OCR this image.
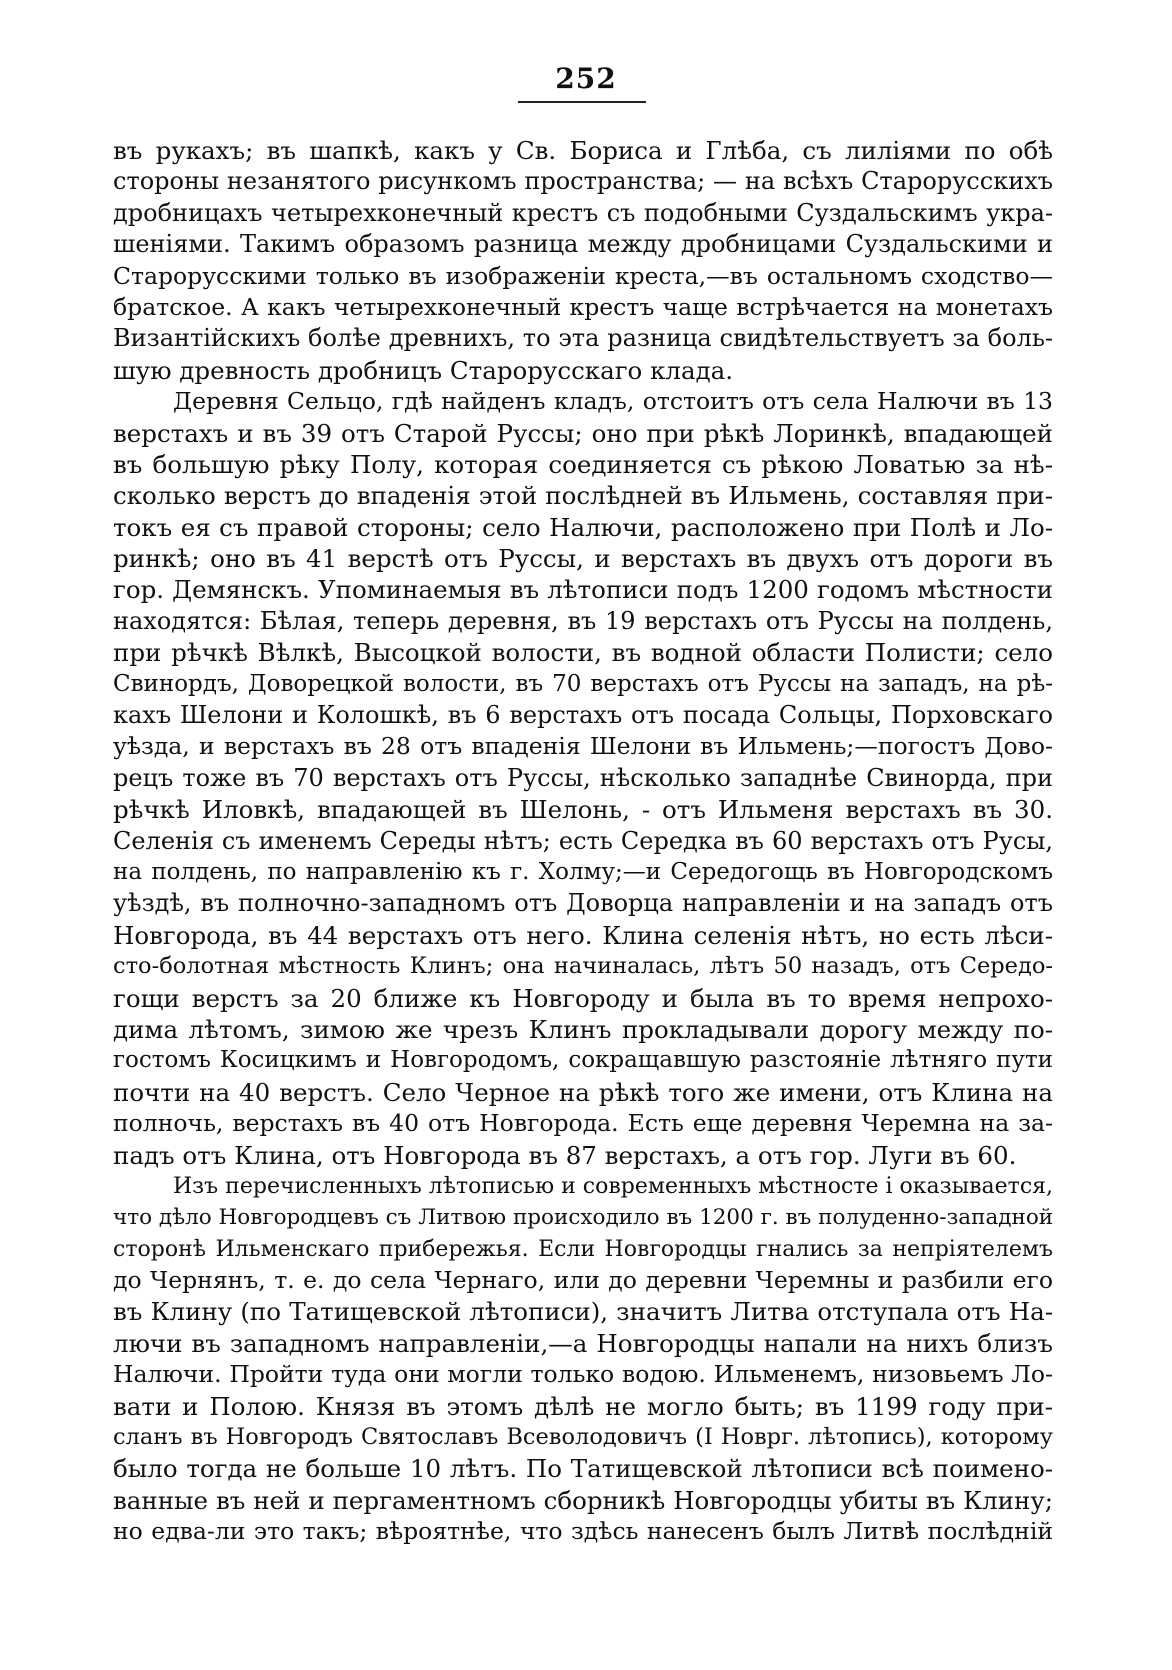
252
въ рукахъ; въ шапкѣ, какъ у Св. Бориса и Глѣба, съ лиліями по обѣ
стороны незанятого рисункомъ пространства; — на всѣхъ Старорусскихъ
дробницахъ четырехконечный крестъ съ подобными Суздальскимъ укра-
шеніями. Такимъ образомъ разница между дробницами Суздальскими и
Старорусскими только въ изображеніи креста,—въ остальномъ сходство—
братское. А какъ четырехконечный крестъ чаще встрѣчается на монетахъ
Византійскихъ болѣе древнихъ, то эта разница свидѣтельствуетъ за боль-
шую древность дробницъ Старорусскаго клада.
Деревня Сельцо, гдѣ найденъ кладъ, отстоитъ отъ села Налючи въ 13
верстахъ и въ 39 отъ Старой Руссы; оно при рѣкѣ Лоринкѣ, впадающей
въ большую рѣку Полу, которая соединяется съ рѣкою Ловатью за нѣ-
сколько верстъ до впаденія этой послѣдней въ Ильмень, составляя при-
токъ ея съ правой стороны; село Налючи, расположено при Полѣ и Ло-
ринкѣ; оно въ 41 верстѣ отъ Руссы, и верстахъ въ двухъ отъ дороги въ
гор. Демянскъ. Упоминаемыя въ лѣтописи подъ 1200 годомъ мѣстности
находятся: Бѣлая, теперь деревня, въ 19 верстахъ отъ Руссы на полдень,
при рѣчкѣ Вѣлкѣ, Высоцкой волости, въ водной области Полисти; село
Свинордъ, Доворецкой волости, въ 70 верстахъ отъ Руссы на западъ, на рѣ-
кахъ Шелони и Колошкѣ, въ 6 верстахъ отъ посада Сольцы, Порховскаго
уѣзда, и верстахъ въ 28 отъ впаденія Шелони въ Ильмень;—погостъ Дово-
рецъ тоже въ 70 верстахъ отъ Руссы, нѣсколько западнѣе Свинорда, при
рѣчкѣ Иловкѣ, впадающей въ Шелонь, - отъ Ильменя верстахъ въ 30.
Селенія съ именемъ Середы нѣтъ; есть Середка въ 60 верстахъ отъ Русы,
на полдень, по направленію къ г. Холму;—и Середогощь въ Новгородскомъ
уѣздѣ, въ полночно-западномъ отъ Доворца направленіи и на западъ отъ
Новгорода, въ 44 верстахъ отъ него. Клина селенія нѣтъ, но есть лѣси-
сто-болотная мѣстность Клинъ; она начиналась, лѣтъ 50 назадъ, отъ Середо-
гощи верстъ за 20 ближе къ Новгороду и была въ то время непрохо-
дима лѣтомъ, зимою же чрезъ Клинъ прокладывали дорогу между по-
гостомъ Косицкимъ и Новгородомъ, сокращавшую разстояніе лѣтняго пути
почти на 40 верстъ. Село Черное на рѣкѣ того же имени, отъ Клина на
полночь, верстахъ въ 40 отъ Новгорода. Есть еще деревня Черемна на за-
падъ отъ Клина, отъ Новгорода въ 87 верстахъ, а отъ гор. Луги въ 60.
Изъ перечисленныхъ лѣтописью и современныхъ мѣстносте i оказывается,
что дѣло Новгородцевъ съ Литвою происходило въ 1200 г. въ полуденно-западной
сторонѣ Ильменскаго прибережья. Если Новгородцы гнались за непріятелемъ
до Чернянъ, т. е. до села Чернаго, или до деревни Черемны и разбили его
въ Клину (по Татищевской лѣтописи), значитъ Литва отступала отъ На-
лючи въ западномъ направленіи,—а Новгородцы напали на нихъ близъ
Налючи. Пройти туда они могли только водою. Ильменемъ, низовьемъ Ло-
вати и Полою. Князя въ этомъ дѣлѣ не могло быть; въ 1199 году при-
сланъ въ Новгородъ Святославъ Всеволодовичъ (I Новрг. лѣтопись), которому
было тогда не больше 10 лѣтъ. По Татищевской лѣтописи всѣ поимено-
ванные въ ней и пергаментномъ сборникѣ Новгородцы убиты въ Клину;
но едва-ли это такъ; вѣроятнѣе, что здѣсь нанесенъ былъ Литвѣ послѣдній
